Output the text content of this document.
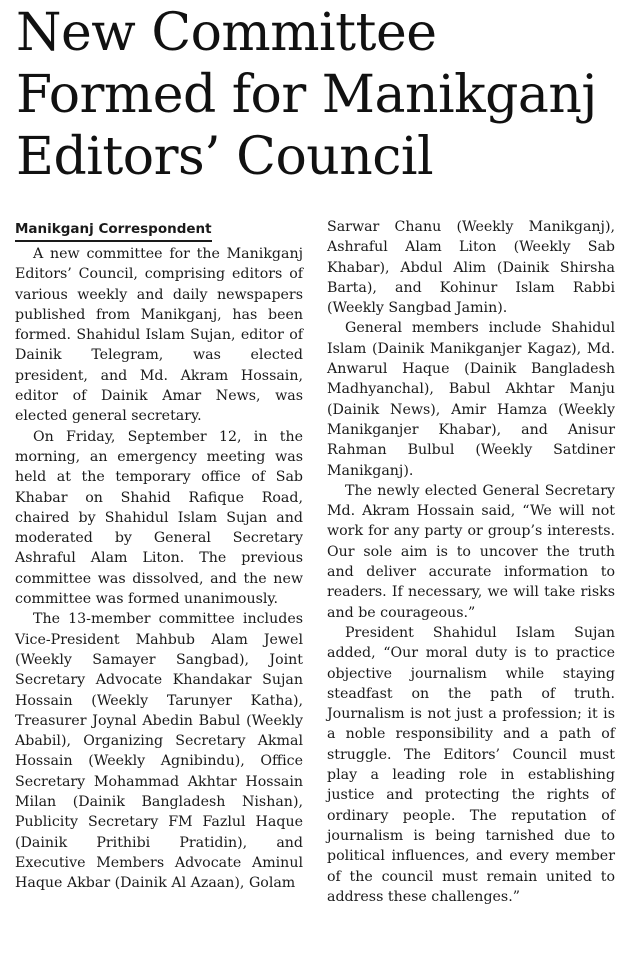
New Committee Formed for Manikganj Editors’ Council
Manikganj Correspondent

A new committee for the Manikganj Editors’ Council, comprising editors of various weekly and daily newspapers published from Manikganj, has been formed. Shahidul Islam Sujan, editor of Dainik Telegram, was elected president, and Md. Akram Hossain, editor of Dainik Amar News, was elected general secretary.

On Friday, September 12, in the morning, an emergency meeting was held at the temporary office of Sab Khabar on Shahid Rafique Road, chaired by Shahidul Islam Sujan and moderated by General Secretary Ashraful Alam Liton. The previous committee was dissolved, and the new committee was formed unanimously.

The 13-member committee includes Vice-President Mahbub Alam Jewel (Weekly Samayer Sangbad), Joint Secretary Advocate Khandakar Sujan Hossain (Weekly Tarunyer Katha), Treasurer Joynal Abedin Babul (Weekly Ababil), Organizing Secretary Akmal Hossain (Weekly Agnibindu), Office Secretary Mohammad Akhtar Hossain Milan (Dainik Bangladesh Nishan), Publicity Secretary FM Fazlul Haque (Dainik Prithibi Pratidin), and Executive Members Advocate Aminul Haque Akbar (Dainik Al Azaan), Golam

Sarwar Chanu (Weekly Manikganj), Ashraful Alam Liton (Weekly Sab Khabar), Abdul Alim (Dainik Shirsha Barta), and Kohinur Islam Rabbi (Weekly Sangbad Jamin).

General members include Shahidul Islam (Dainik Manikganjer Kagaz), Md. Anwarul Haque (Dainik Bangladesh Madhyanchal), Babul Akhtar Manju (Dainik News), Amir Hamza (Weekly Manikganjer Khabar), and Anisur Rahman Bulbul (Weekly Satdiner Manikganj).

The newly elected General Secretary Md. Akram Hossain said, “We will not work for any party or group’s interests. Our sole aim is to uncover the truth and deliver accurate information to readers. If necessary, we will take risks and be courageous.”

President Shahidul Islam Sujan added, “Our moral duty is to practice objective journalism while staying steadfast on the path of truth. Journalism is not just a profession; it is a noble responsibility and a path of struggle. The Editors’ Council must play a leading role in establishing justice and protecting the rights of ordinary people. The reputation of journalism is being tarnished due to political influences, and every member of the council must remain united to address these challenges.”
